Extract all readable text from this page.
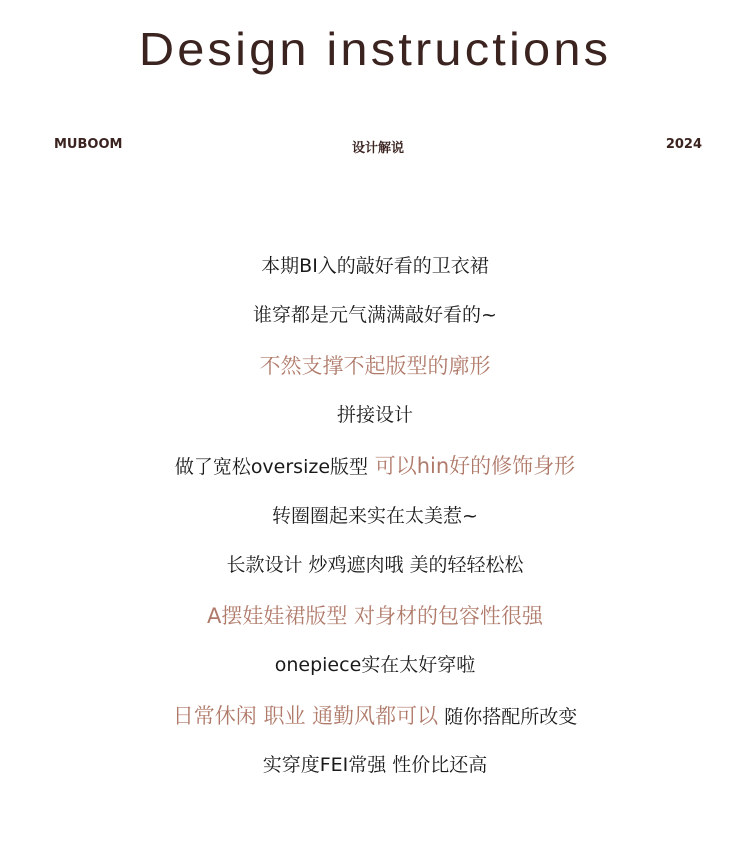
Design instructions
MUBOOM	设计解说	2024
本期BI入的敲好看的卫衣裙
谁穿都是元气满满敲好看的~
不然支撑不起版型的廓形
拼接设计
做了宽松oversize版型 可以hin好的修饰身形
转圈圈起来实在太美惹~
长款设计 炒鸡遮肉哦 美的轻轻松松
A摆娃娃裙版型 对身材的包容性很强
onepiece实在太好穿啦
日常休闲 职业 通勤风都可以 随你搭配所改变
实穿度FEI常强 性价比还高
